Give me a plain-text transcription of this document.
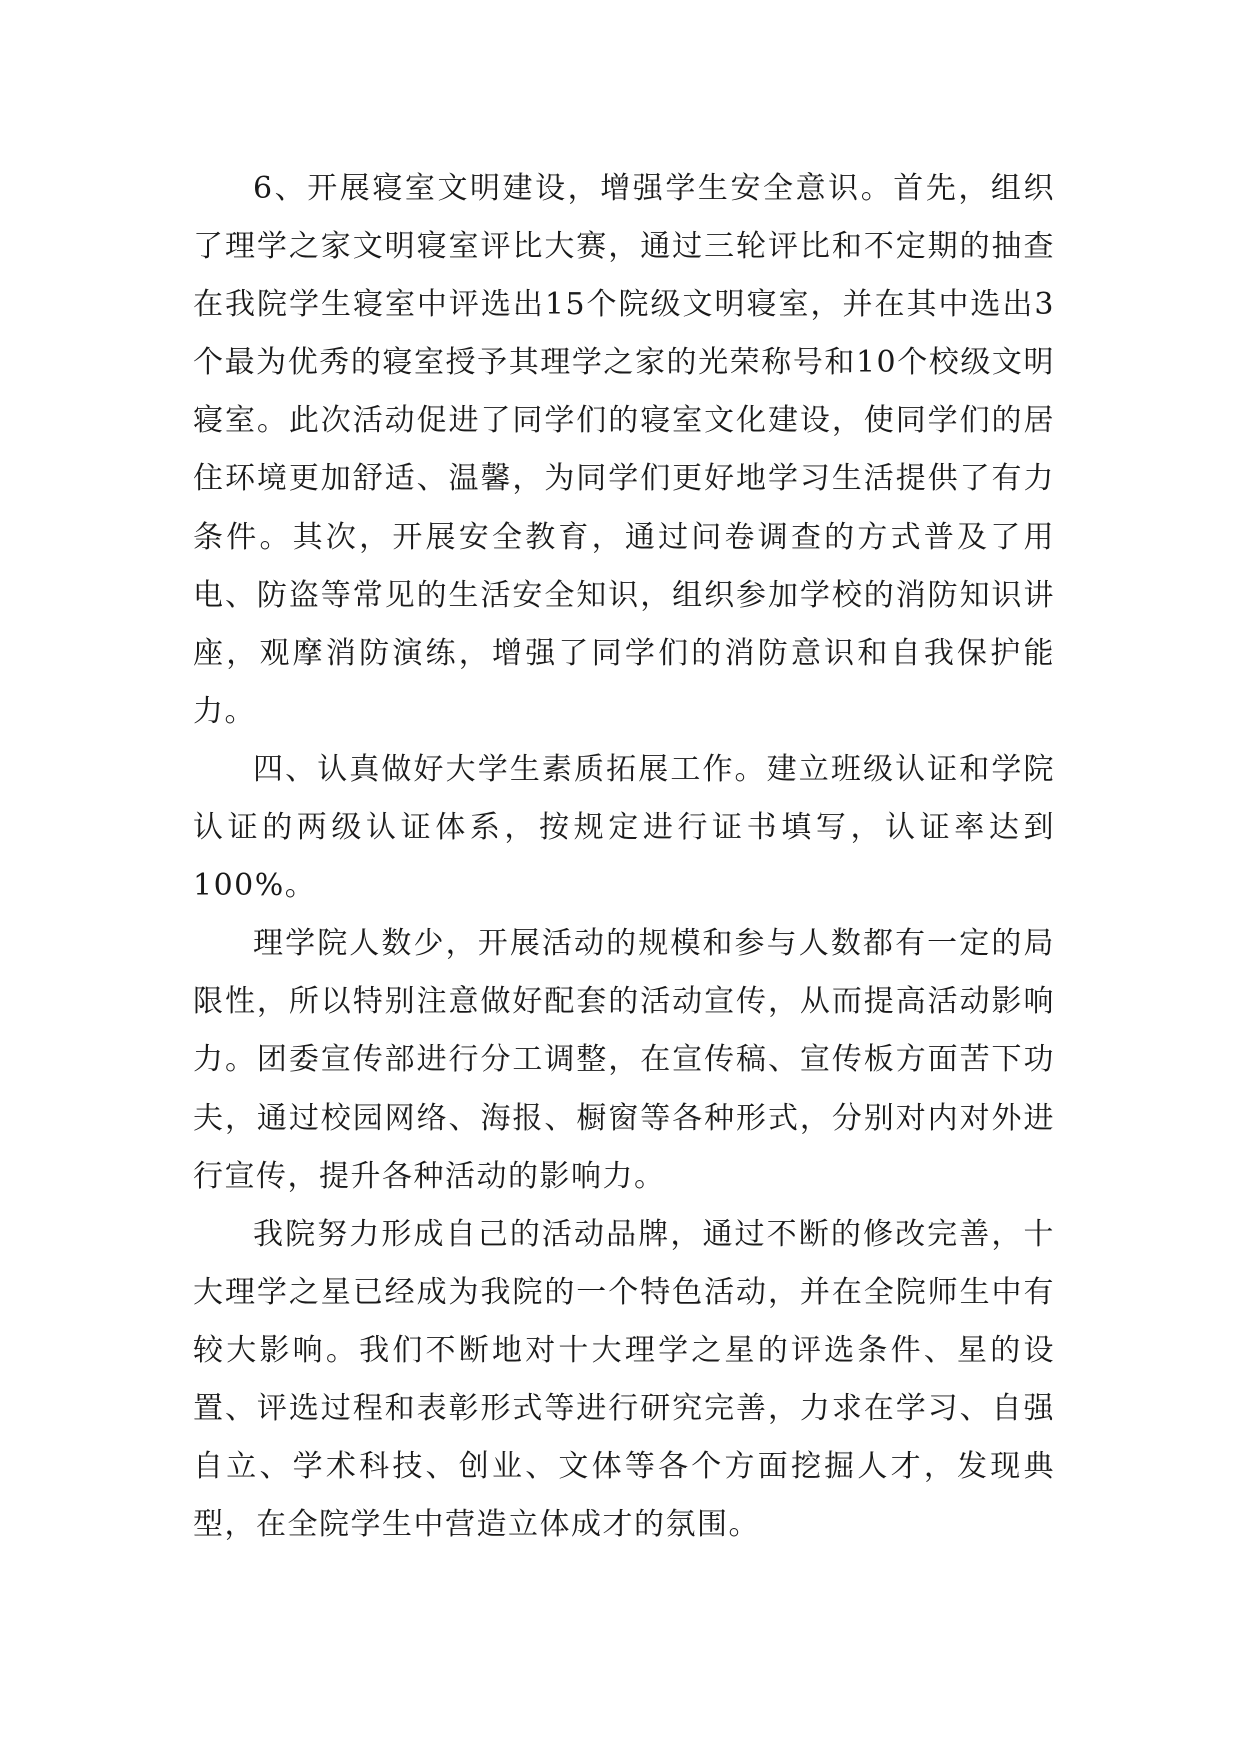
6、开展寝室文明建设，增强学生安全意识。首先，组织了理学之家文明寝室评比大赛，通过三轮评比和不定期的抽查在我院学生寝室中评选出15个院级文明寝室，并在其中选出3个最为优秀的寝室授予其理学之家的光荣称号和10个校级文明寝室。此次活动促进了同学们的寝室文化建设，使同学们的居住环境更加舒适、温馨，为同学们更好地学习生活提供了有力条件。其次，开展安全教育，通过问卷调查的方式普及了用电、防盗等常见的生活安全知识，组织参加学校的消防知识讲座，观摩消防演练，增强了同学们的消防意识和自我保护能力。

四、认真做好大学生素质拓展工作。建立班级认证和学院认证的两级认证体系，按规定进行证书填写，认证率达到100%。

理学院人数少，开展活动的规模和参与人数都有一定的局限性，所以特别注意做好配套的活动宣传，从而提高活动影响力。团委宣传部进行分工调整，在宣传稿、宣传板方面苦下功夫，通过校园网络、海报、橱窗等各种形式，分别对内对外进行宣传，提升各种活动的影响力。

我院努力形成自己的活动品牌，通过不断的修改完善，十大理学之星已经成为我院的一个特色活动，并在全院师生中有较大影响。我们不断地对十大理学之星的评选条件、星的设置、评选过程和表彰形式等进行研究完善，力求在学习、自强自立、学术科技、创业、文体等各个方面挖掘人才，发现典型，在全院学生中营造立体成才的氛围。
